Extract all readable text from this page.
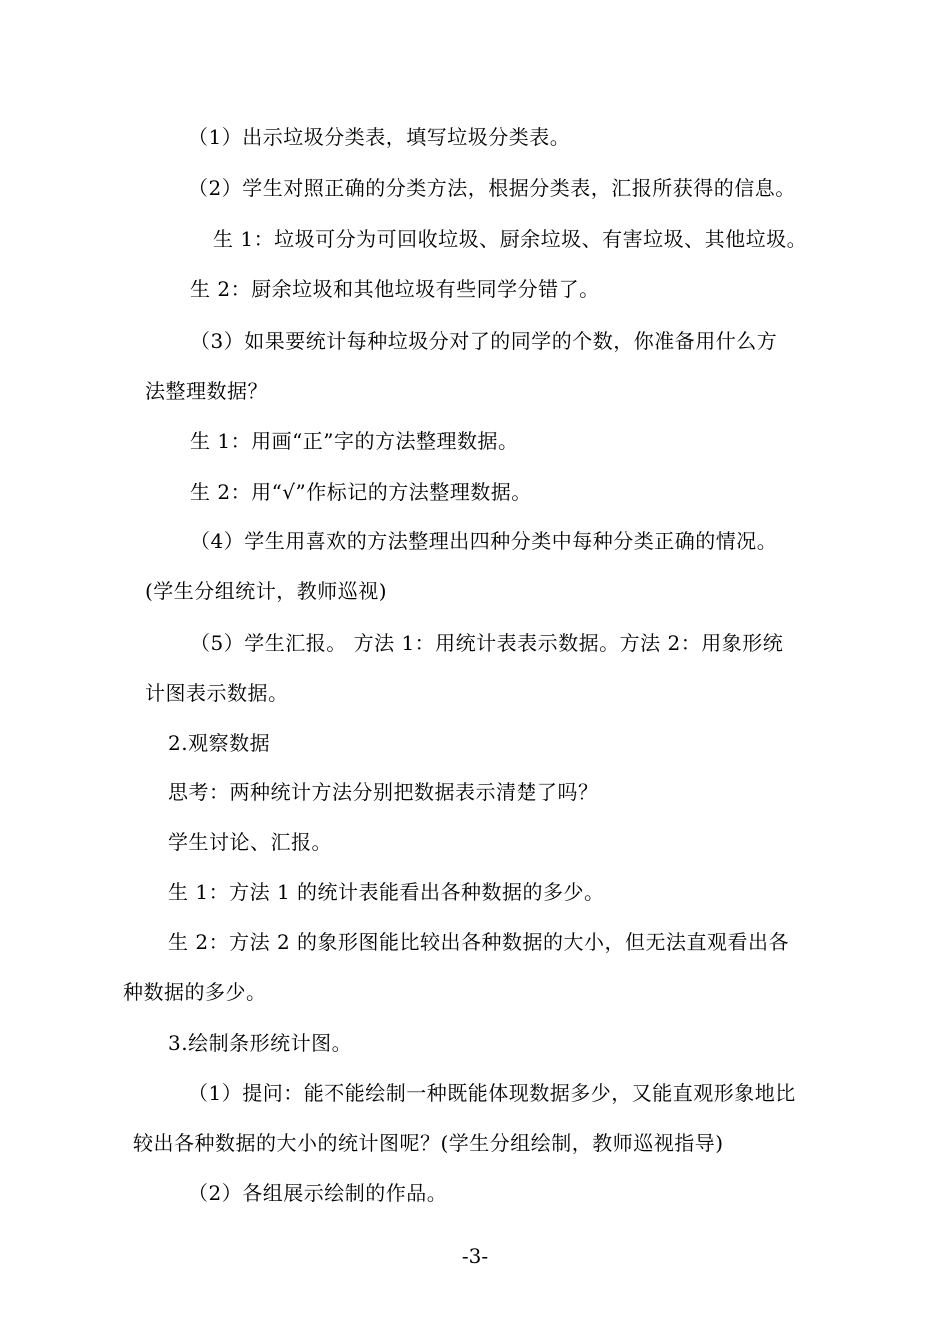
（1）出示垃圾分类表，填写垃圾分类表。
（2）学生对照正确的分类方法，根据分类表，汇报所获得的信息。
生 1：垃圾可分为可回收垃圾、厨余垃圾、有害垃圾、其他垃圾。
生 2：厨余垃圾和其他垃圾有些同学分错了。
（3）如果要统计每种垃圾分对了的同学的个数，你准备用什么方
法整理数据？
生 1：用画“正”字的方法整理数据。
生 2：用“√”作标记的方法整理数据。
（4）学生用喜欢的方法整理出四种分类中每种分类正确的情况。
(学生分组统计，教师巡视)
（5）学生汇报。 方法 1：用统计表表示数据。方法 2：用象形统
计图表示数据。
2.观察数据
思考：两种统计方法分别把数据表示清楚了吗？
学生讨论、汇报。
生 1：方法 1 的统计表能看出各种数据的多少。
生 2：方法 2 的象形图能比较出各种数据的大小，但无法直观看出各
种数据的多少。
3.绘制条形统计图。
（1）提问：能不能绘制一种既能体现数据多少，又能直观形象地比
较出各种数据的大小的统计图呢？(学生分组绘制，教师巡视指导)
（2）各组展示绘制的作品。
-3-
